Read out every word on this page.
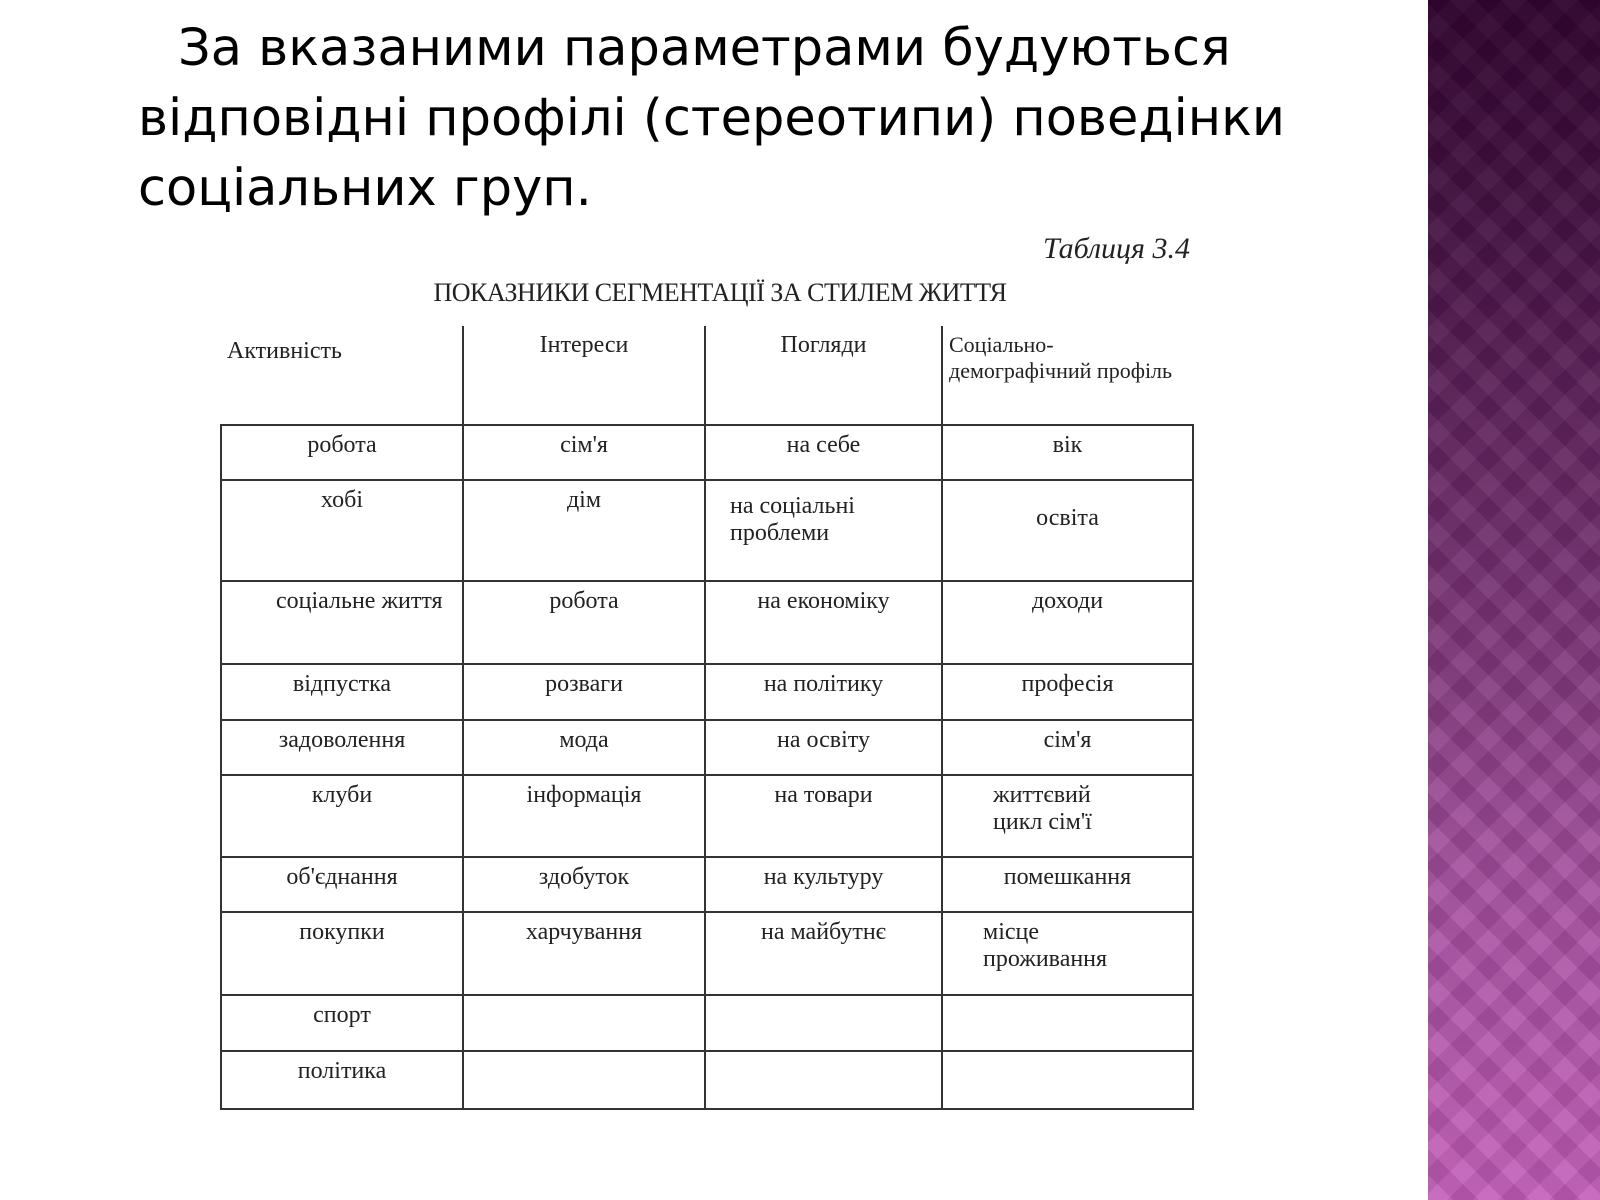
За вказаними параметрами будуються відповідні профілі (стереотипи) поведінки соціальних груп.
Таблиця 3.4
ПОКАЗНИКИ СЕГМЕНТАЦІЇ ЗА СТИЛЕМ ЖИТТЯ
Активність	Інтереси	Погляди	Соціально-демографічний профіль
робота	сім'я	на себе	вік
хобі	дім	на соціальні проблеми	освіта
соціальне життя	робота	на економіку	доходи
відпустка	розваги	на політику	професія
задоволення	мода	на освіту	сім'я
клуби	інформація	на товари	життєвий цикл сім'ї
об'єднання	здобуток	на культуру	помешкання
покупки	харчування	на майбутнє	місце проживання
спорт			
політика			
